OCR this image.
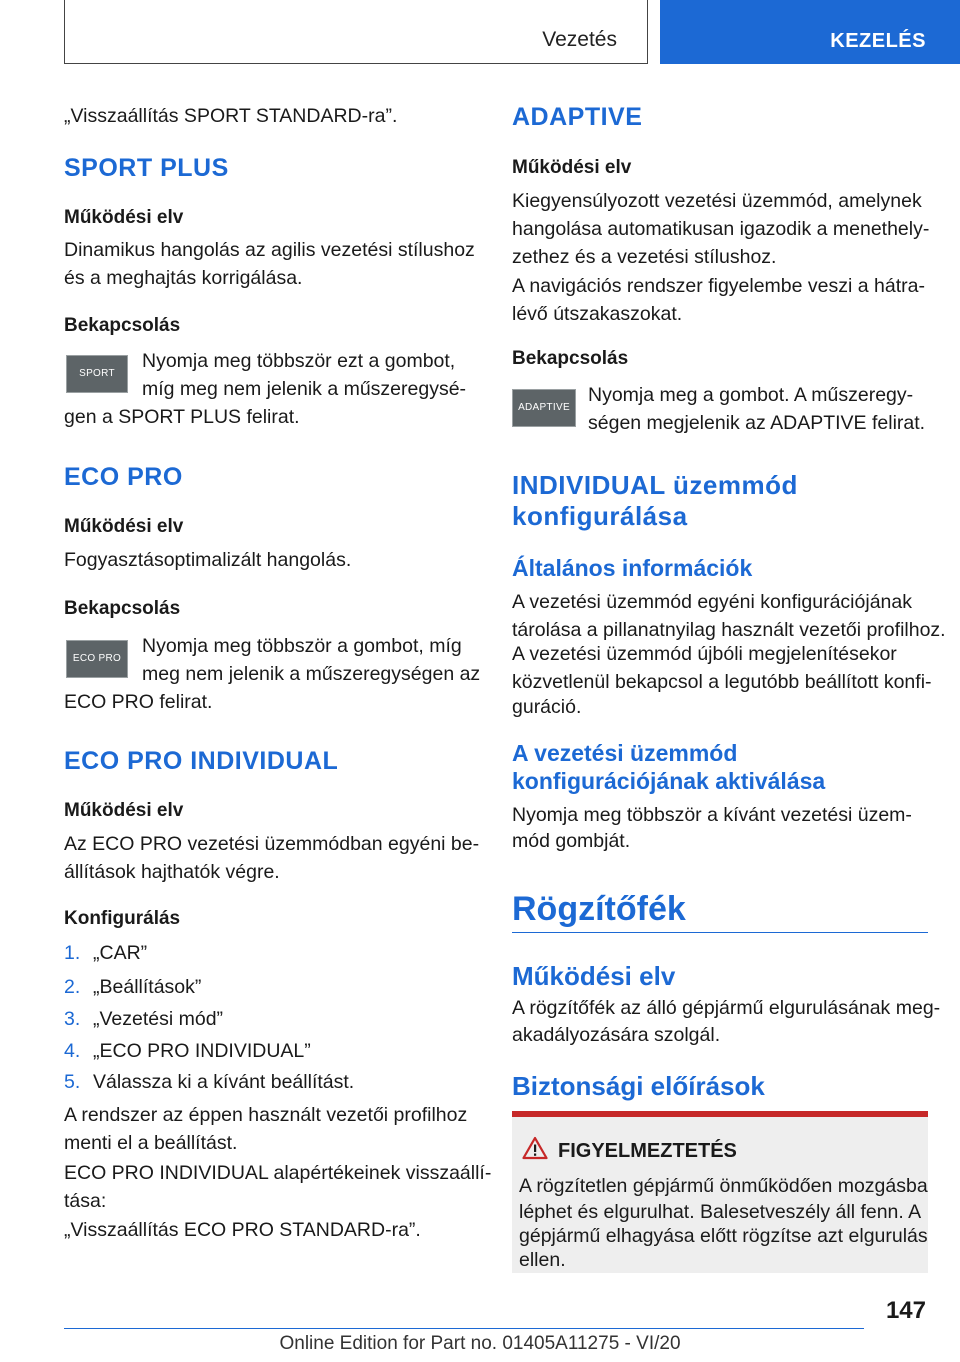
Vezetés	KEZELÉS
„Visszaállítás SPORT STANDARD‑ra”.
SPORT PLUS
Működési elv
Dinamikus hangolás az agilis vezetési stílushoz
és a meghajtás korrigálása.
Bekapcsolás
SPORT
Nyomja meg többször ezt a gombot,
míg meg nem jelenik a műszeregysé‑
gen a SPORT PLUS felirat.
ECO PRO
Működési elv
Fogyasztásoptimalizált hangolás.
Bekapcsolás
ECO PRO
Nyomja meg többször a gombot, míg
meg nem jelenik a műszeregységen az
ECO PRO felirat.
ECO PRO INDIVIDUAL
Működési elv
Az ECO PRO vezetési üzemmódban egyéni be‑
állítások hajthatók végre.
Konfigurálás
1. „CAR”
2. „Beállítások”
3. „Vezetési mód”
4. „ECO PRO INDIVIDUAL”
5. Válassza ki a kívánt beállítást.
A rendszer az éppen használt vezetői profilhoz
menti el a beállítást.
ECO PRO INDIVIDUAL alapértékeinek visszaállí‑
tása:
„Visszaállítás ECO PRO STANDARD‑ra”.
ADAPTIVE
Működési elv
Kiegyensúlyozott vezetési üzemmód, amelynek
hangolása automatikusan igazodik a menethely‑
zethez és a vezetési stílushoz.
A navigációs rendszer figyelembe veszi a hátra‑
lévő útszakaszokat.
Bekapcsolás
ADAPTIVE
Nyomja meg a gombot. A műszeregy‑
ségen megjelenik az ADAPTIVE felirat.
INDIVIDUAL üzemmód
konfigurálása
Általános információk
A vezetési üzemmód egyéni konfigurációjának
tárolása a pillanatnyilag használt vezetői profilhoz.
A vezetési üzemmód újbóli megjelenítésekor
közvetlenül bekapcsol a legutóbb beállított konfi‑
guráció.
A vezetési üzemmód
konfigurációjának aktiválása
Nyomja meg többször a kívánt vezetési üzem‑
mód gombját.
Rögzítőfék
Működési elv
A rögzítőfék az álló gépjármű elgurulásának meg‑
akadályozására szolgál.
Biztonsági előírások
FIGYELMEZTETÉS
A rögzítetlen gépjármű önműködően mozgásba
léphet és elgurulhat. Balesetveszély áll fenn. A
gépjármű elhagyása előtt rögzítse azt elgurulás
ellen.
147
Online Edition for Part no. 01405A11275 - VI/20
